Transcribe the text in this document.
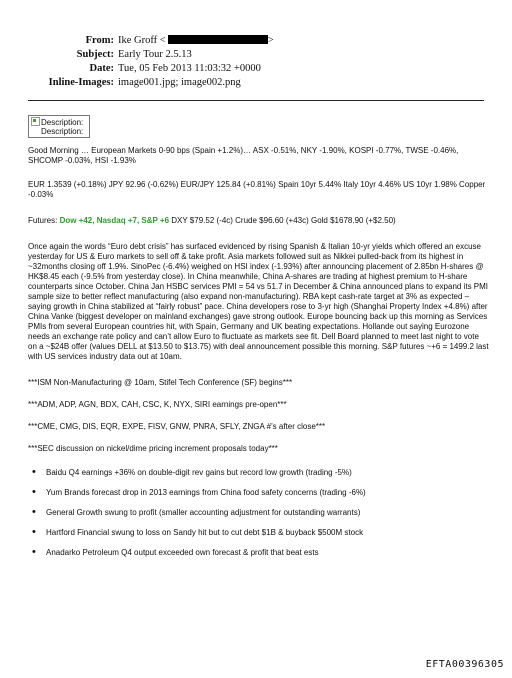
From: Ike Groff <	>
Subject: Early Tour 2.5.13
Date: Tue, 05 Feb 2013 11:03:32 +0000
Inline-Images: image001.jpg; image002.png
Description:
Description:

Good Morning … European Markets 0-90 bps (Spain +1.2%)… ASX -0.51%, NKY -1.90%, KOSPI -0.77%, TWSE -0.46%, SHCOMP -0.03%, HSI -1.93%

EUR 1.3539 (+0.18%) JPY 92.96 (-0.62%) EUR/JPY 125.84 (+0.81%) Spain 10yr 5.44% Italy 10yr 4.46% US 10yr 1.98% Copper -0.03%

Futures: Dow +42, Nasdaq +7, S&P +6 DXY $79.52 (-4c) Crude $96.60 (+43c) Gold $1678.90 (+$2.50)

Once again the words “Euro debt crisis” has surfaced evidenced by rising Spanish & Italian 10-yr yields which offered an excuse yesterday for US & Euro markets to sell off & take profit. Asia markets followed suit as Nikkei pulled-back from its highest in ~32months closing off 1.9%. SinoPec (-6.4%) weighed on HSI index (-1.93%) after announcing placement of 2.85bn H-shares @ HK$8.45 each (-9.5% from yesterday close). In China meanwhile, China A-shares are trading at highest premium to H-share counterparts since October. China Jan HSBC services PMI = 54 vs 51.7 in December & China announced plans to expand its PMI sample size to better reflect manufacturing (also expand non-manufacturing). RBA kept cash-rate target at 3% as expected – saying growth in China stabilized at “fairly robust” pace. China developers rose to 3-yr high (Shanghai Property Index +4.8%) after China Vanke (biggest developer on mainland exchanges) gave strong outlook. Europe bouncing back up this morning as Services PMIs from several European countries hit, with Spain, Germany and UK beating expectations. Hollande out saying Eurozone needs an exchange rate policy and can’t allow Euro to fluctuate as markets see fit. Dell Board planned to meet last night to vote on a ~$24B offer (values DELL at $13.50 to $13.75) with deal announcement possible this morning. S&P futures ~+6 = 1499.2 last with US services industry data out at 10am.

***ISM Non-Manufacturing @ 10am, Stifel Tech Conference (SF) begins***

***ADM, ADP, AGN, BDX, CAH, CSC, K, NYX, SIRI earnings pre-open***

***CME, CMG, DIS, EQR, EXPE, FISV, GNW, PNRA, SFLY, ZNGA #’s after close***

***SEC discussion on nickel/dime pricing increment proposals today***

• Baidu Q4 earnings +36% on double-digit rev gains but record low growth (trading -5%)
• Yum Brands forecast drop in 2013 earnings from China food safety concerns (trading -6%)
• General Growth swung to profit (smaller accounting adjustment for outstanding warrants)
• Hartford Financial swung to loss on Sandy hit but to cut debt $1B & buyback $500M stock
• Anadarko Petroleum Q4 output exceeded own forecast & profit that beat ests
EFTA00396305
